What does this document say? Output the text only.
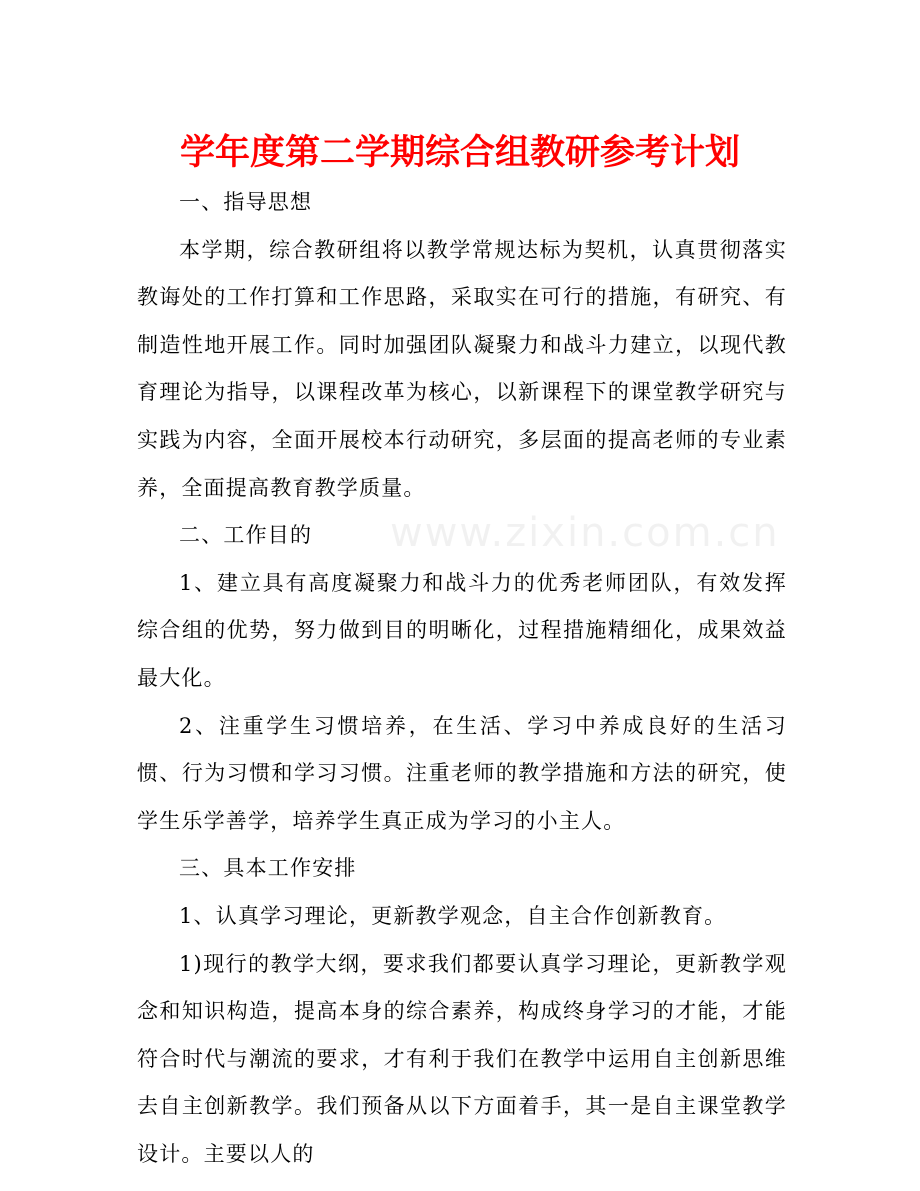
学年度第二学期综合组教研参考计划
www.zixin.com.cn

一、指导思想

本学期，综合教研组将以教学常规达标为契机，认真贯彻落实教诲处的工作打算和工作思路，采取实在可行的措施，有研究、有制造性地开展工作。同时加强团队凝聚力和战斗力建立，以现代教育理论为指导，以课程改革为核心，以新课程下的课堂教学研究与实践为内容，全面开展校本行动研究，多层面的提高老师的专业素养，全面提高教育教学质量。

二、工作目的

1、建立具有高度凝聚力和战斗力的优秀老师团队，有效发挥综合组的优势，努力做到目的明晰化，过程措施精细化，成果效益最大化。

2、注重学生习惯培养，在生活、学习中养成良好的生活习惯、行为习惯和学习习惯。注重老师的教学措施和方法的研究，使学生乐学善学，培养学生真正成为学习的小主人。

三、具本工作安排

1、认真学习理论，更新教学观念，自主合作创新教育。

1)现行的教学大纲，要求我们都要认真学习理论，更新教学观念和知识构造，提高本身的综合素养，构成终身学习的才能，才能符合时代与潮流的要求，才有利于我们在教学中运用自主创新思维去自主创新教学。我们预备从以下方面着手，其一是自主课堂教学设计。主要以人的
